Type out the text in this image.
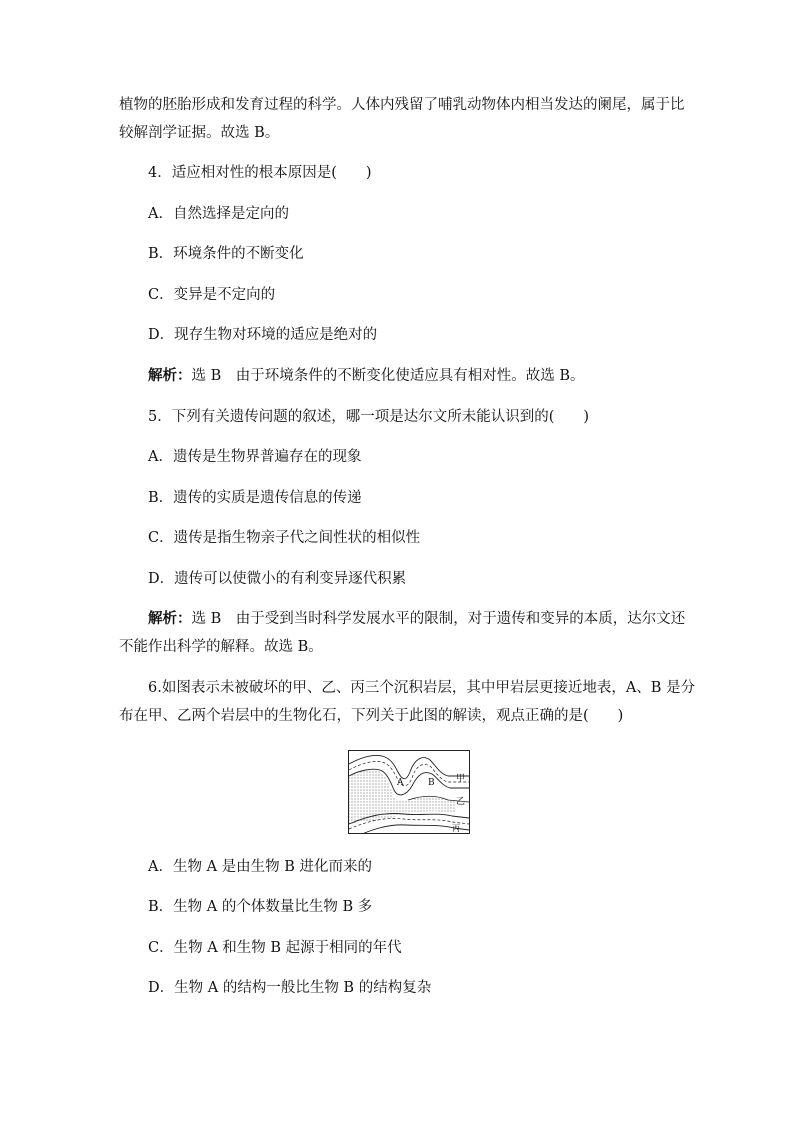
植物的胚胎形成和发育过程的科学。人体内残留了哺乳动物体内相当发达的阑尾，属于比
较解剖学证据。故选 B。
4．适应相对性的根本原因是(　　)
A．自然选择是定向的
B．环境条件的不断变化
C．变异是不定向的
D．现存生物对环境的适应是绝对的
解析：选 B　由于环境条件的不断变化使适应具有相对性。故选 B。
5．下列有关遗传问题的叙述，哪一项是达尔文所未能认识到的(　　)
A．遗传是生物界普遍存在的现象
B．遗传的实质是遗传信息的传递
C．遗传是指生物亲子代之间性状的相似性
D．遗传可以使微小的有利变异逐代积累
解析：选 B　由于受到当时科学发展水平的限制，对于遗传和变异的本质，达尔文还
不能作出科学的解释。故选 B。
6.如图表示未被破坏的甲、乙、丙三个沉积岩层，其中甲岩层更接近地表，A、B 是分
布在甲、乙两个岩层中的生物化石，下列关于此图的解读，观点正确的是(　　)
A	B 甲
乙
丙
A．生物 A 是由生物 B 进化而来的
B．生物 A 的个体数量比生物 B 多
C．生物 A 和生物 B 起源于相同的年代
D．生物 A 的结构一般比生物 B 的结构复杂
